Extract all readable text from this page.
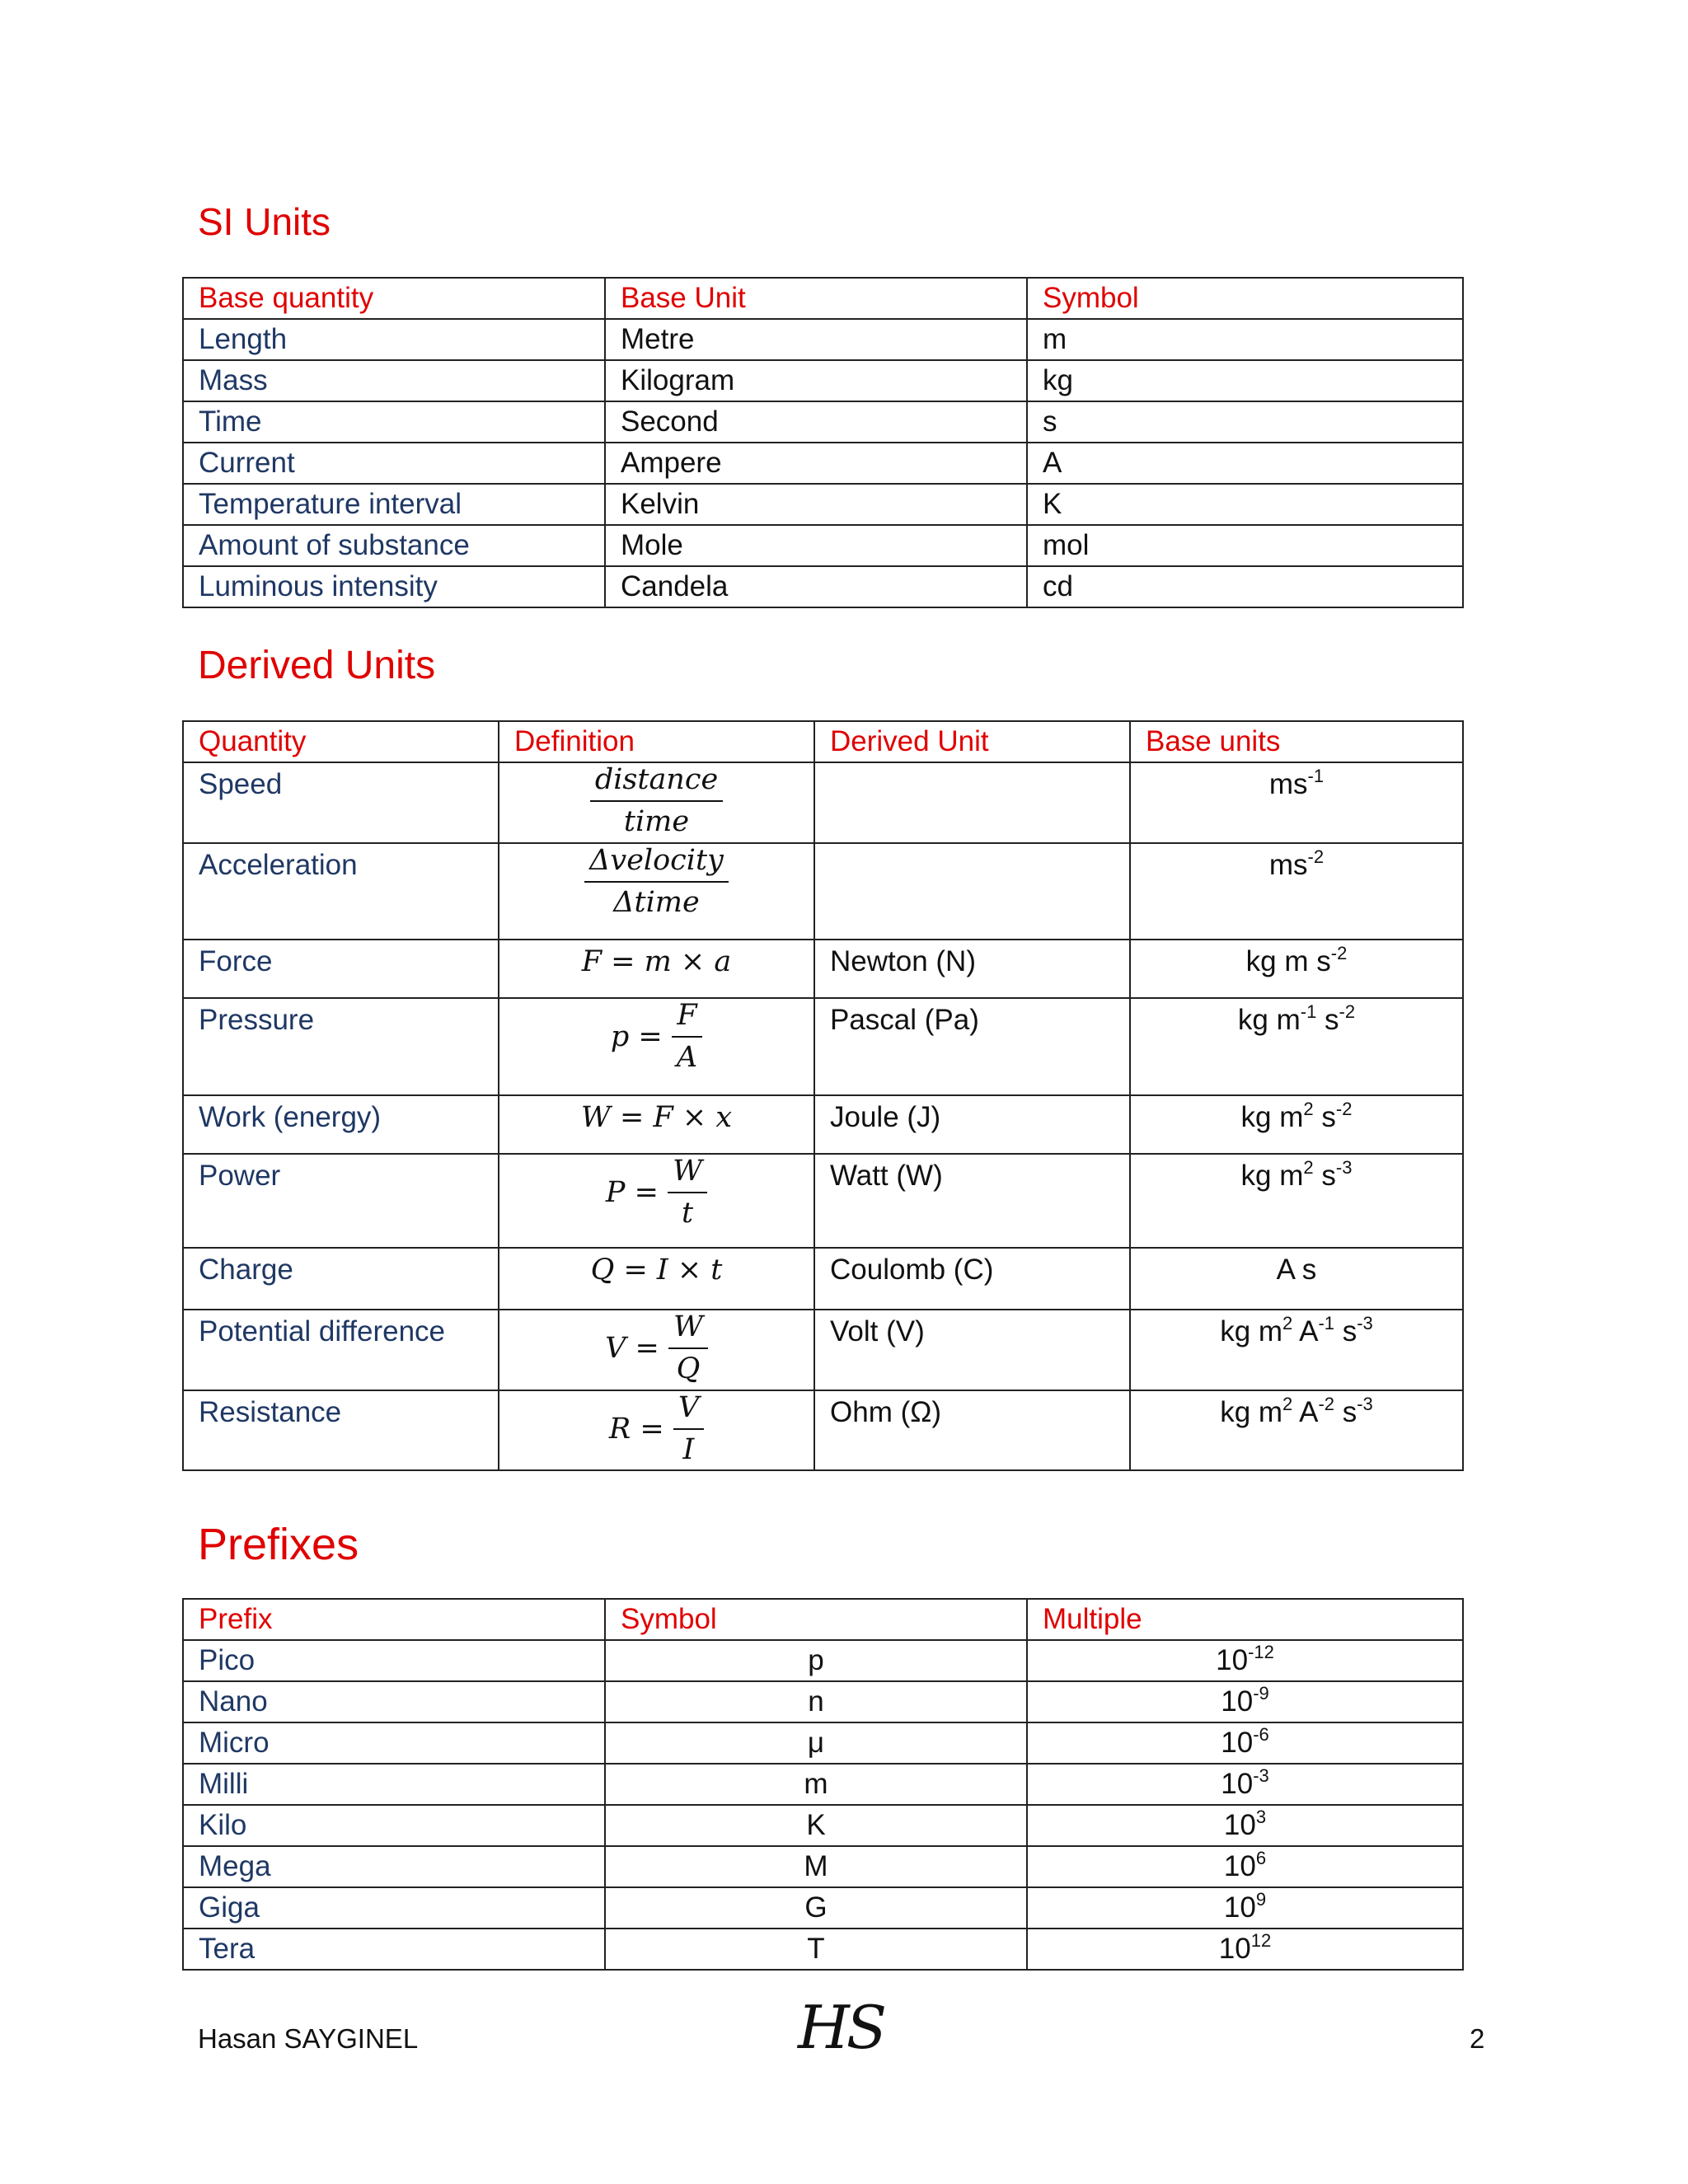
SI Units
Base quantity	Base Unit	Symbol
Length	Metre	m
Mass	Kilogram	kg
Time	Second	s
Current	Ampere	A
Temperature interval	Kelvin	K
Amount of substance	Mole	mol
Luminous intensity	Candela	cd
Derived Units
Quantity	Definition	Derived Unit	Base units
Speed	$\frac{\text{distance}}{\text{time}}$		$ms^{-1}$
Acceleration	$\frac{\text{Δvelocity}}{\text{Δtime}}$		$ms^{-2}$
Force	F = m × a	Newton (N)	kg m $s^{-2}$
Pressure	$p = \frac{F}{A}$	Pascal (Pa)	kg $m^{-1}$ $s^{-2}$
Work (energy)	W = F × x	Joule (J)	kg $m^2$ $s^{-2}$
Power	$P = \frac{W}{t}$	Watt (W)	kg $m^2$ $s^{-3}$
Charge	Q = I × t	Coulomb (C)	A s
Potential difference	$V = \frac{W}{Q}$	Volt (V)	kg $m^2$ $A^{-1}$ $s^{-3}$
Resistance	$R = \frac{V}{I}$	Ohm (Ω)	kg $m^2$ $A^{-2}$ $s^{-3}$
Prefixes
Prefix	Symbol	Multiple
Pico	p	$10^{-12}$
Nano	n	$10^{-9}$
Micro	μ	$10^{-6}$
Milli	m	$10^{-3}$
Kilo	K	$10^3$
Mega	M	$10^6$
Giga	G	$10^9$
Tera	T	$10^{12}$
Hasan SAYGINEL	HS	2
